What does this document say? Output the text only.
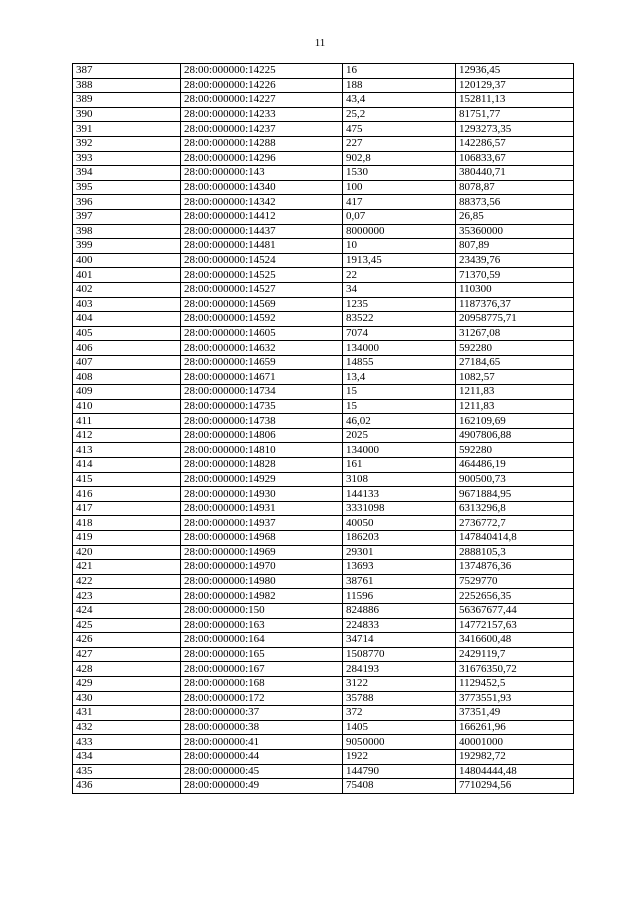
11
387	28:00:000000:14225	16	12936,45
388	28:00:000000:14226	188	120129,37
389	28:00:000000:14227	43,4	152811,13
390	28:00:000000:14233	25,2	81751,77
391	28:00:000000:14237	475	1293273,35
392	28:00:000000:14288	227	142286,57
393	28:00:000000:14296	902,8	106833,67
394	28:00:000000:143	1530	380440,71
395	28:00:000000:14340	100	8078,87
396	28:00:000000:14342	417	88373,56
397	28:00:000000:14412	0,07	26,85
398	28:00:000000:14437	8000000	35360000
399	28:00:000000:14481	10	807,89
400	28:00:000000:14524	1913,45	23439,76
401	28:00:000000:14525	22	71370,59
402	28:00:000000:14527	34	110300
403	28:00:000000:14569	1235	1187376,37
404	28:00:000000:14592	83522	20958775,71
405	28:00:000000:14605	7074	31267,08
406	28:00:000000:14632	134000	592280
407	28:00:000000:14659	14855	27184,65
408	28:00:000000:14671	13,4	1082,57
409	28:00:000000:14734	15	1211,83
410	28:00:000000:14735	15	1211,83
411	28:00:000000:14738	46,02	162109,69
412	28:00:000000:14806	2025	4907806,88
413	28:00:000000:14810	134000	592280
414	28:00:000000:14828	161	464486,19
415	28:00:000000:14929	3108	900500,73
416	28:00:000000:14930	144133	9671884,95
417	28:00:000000:14931	3331098	6313296,8
418	28:00:000000:14937	40050	2736772,7
419	28:00:000000:14968	186203	147840414,8
420	28:00:000000:14969	29301	2888105,3
421	28:00:000000:14970	13693	1374876,36
422	28:00:000000:14980	38761	7529770
423	28:00:000000:14982	11596	2252656,35
424	28:00:000000:150	824886	56367677,44
425	28:00:000000:163	224833	14772157,63
426	28:00:000000:164	34714	3416600,48
427	28:00:000000:165	1508770	2429119,7
428	28:00:000000:167	284193	31676350,72
429	28:00:000000:168	3122	1129452,5
430	28:00:000000:172	35788	3773551,93
431	28:00:000000:37	372	37351,49
432	28:00:000000:38	1405	166261,96
433	28:00:000000:41	9050000	40001000
434	28:00:000000:44	1922	192982,72
435	28:00:000000:45	144790	14804444,48
436	28:00:000000:49	75408	7710294,56
